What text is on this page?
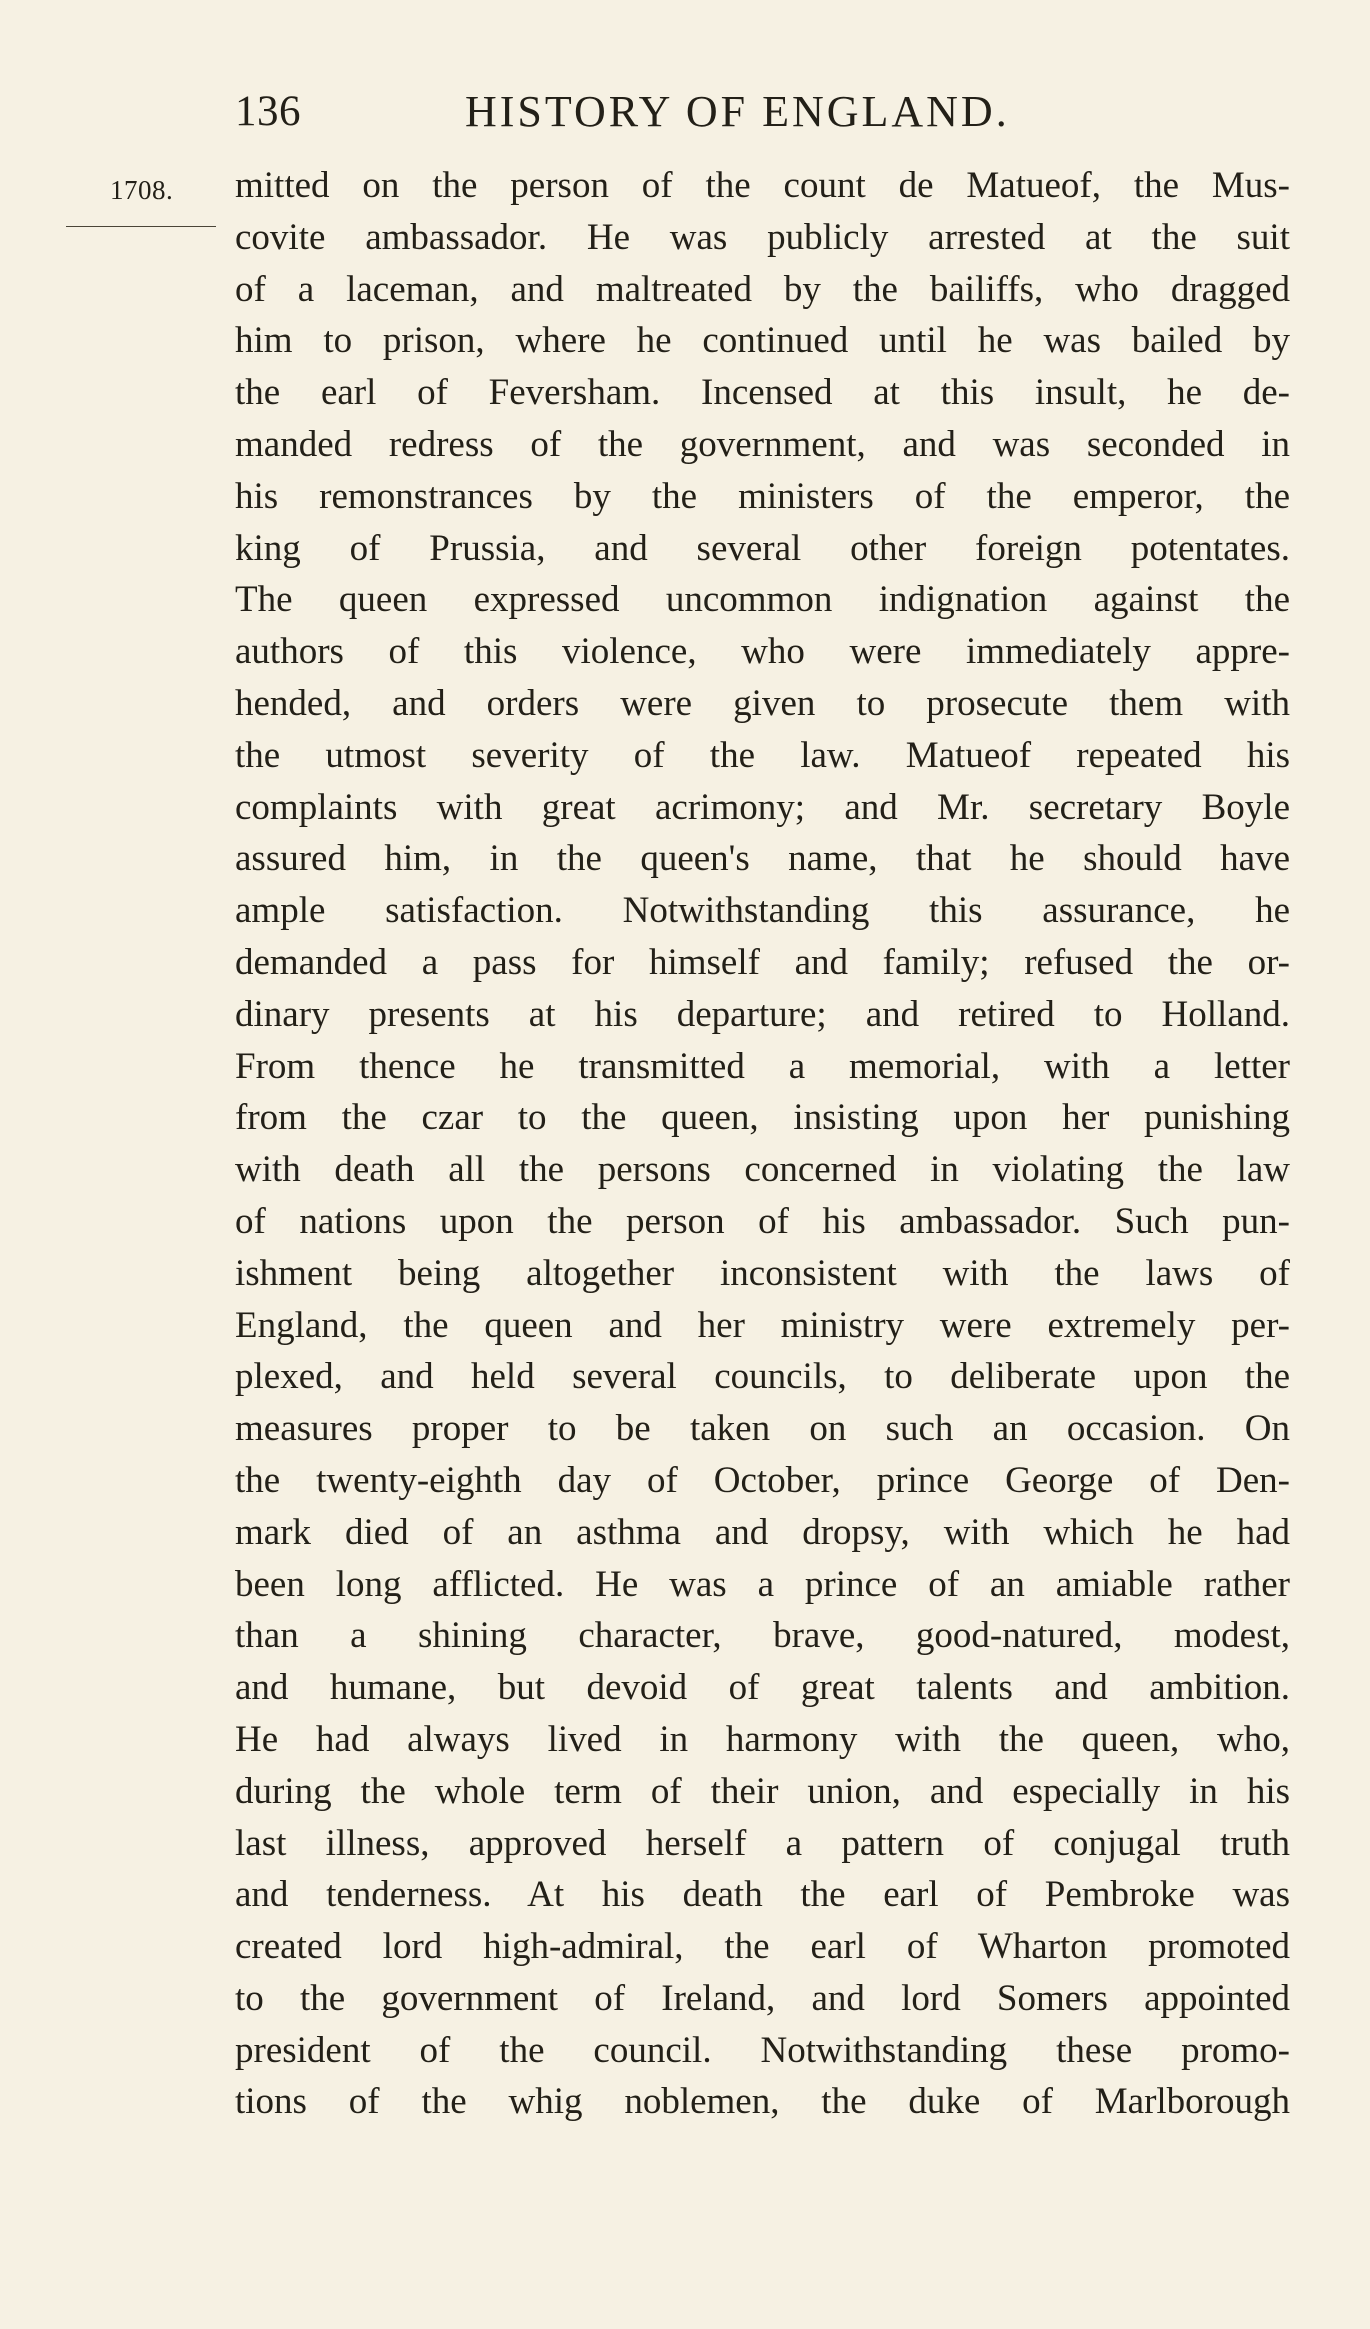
136	HISTORY OF ENGLAND.
1708. mitted on the person of the count de Matueof, the Mus-
covite ambassador. He was publicly arrested at the suit
of a laceman, and maltreated by the bailiffs, who dragged
him to prison, where he continued until he was bailed by
the earl of Feversham. Incensed at this insult, he de-
manded redress of the government, and was seconded in
his remonstrances by the ministers of the emperor, the
king of Prussia, and several other foreign potentates.
The queen expressed uncommon indignation against the
authors of this violence, who were immediately appre-
hended, and orders were given to prosecute them with
the utmost severity of the law. Matueof repeated his
complaints with great acrimony; and Mr. secretary Boyle
assured him, in the queen's name, that he should have
ample satisfaction. Notwithstanding this assurance, he
demanded a pass for himself and family; refused the or-
dinary presents at his departure; and retired to Holland.
From thence he transmitted a memorial, with a letter
from the czar to the queen, insisting upon her punishing
with death all the persons concerned in violating the law
of nations upon the person of his ambassador. Such pun-
ishment being altogether inconsistent with the laws of
England, the queen and her ministry were extremely per-
plexed, and held several councils, to deliberate upon the
measures proper to be taken on such an occasion. On
the twenty-eighth day of October, prince George of Den-
mark died of an asthma and dropsy, with which he had
been long afflicted. He was a prince of an amiable rather
than a shining character, brave, good-natured, modest,
and humane, but devoid of great talents and ambition.
He had always lived in harmony with the queen, who,
during the whole term of their union, and especially in his
last illness, approved herself a pattern of conjugal truth
and tenderness. At his death the earl of Pembroke was
created lord high-admiral, the earl of Wharton promoted
to the government of Ireland, and lord Somers appointed
president of the council. Notwithstanding these promo-
tions of the whig noblemen, the duke of Marlborough
